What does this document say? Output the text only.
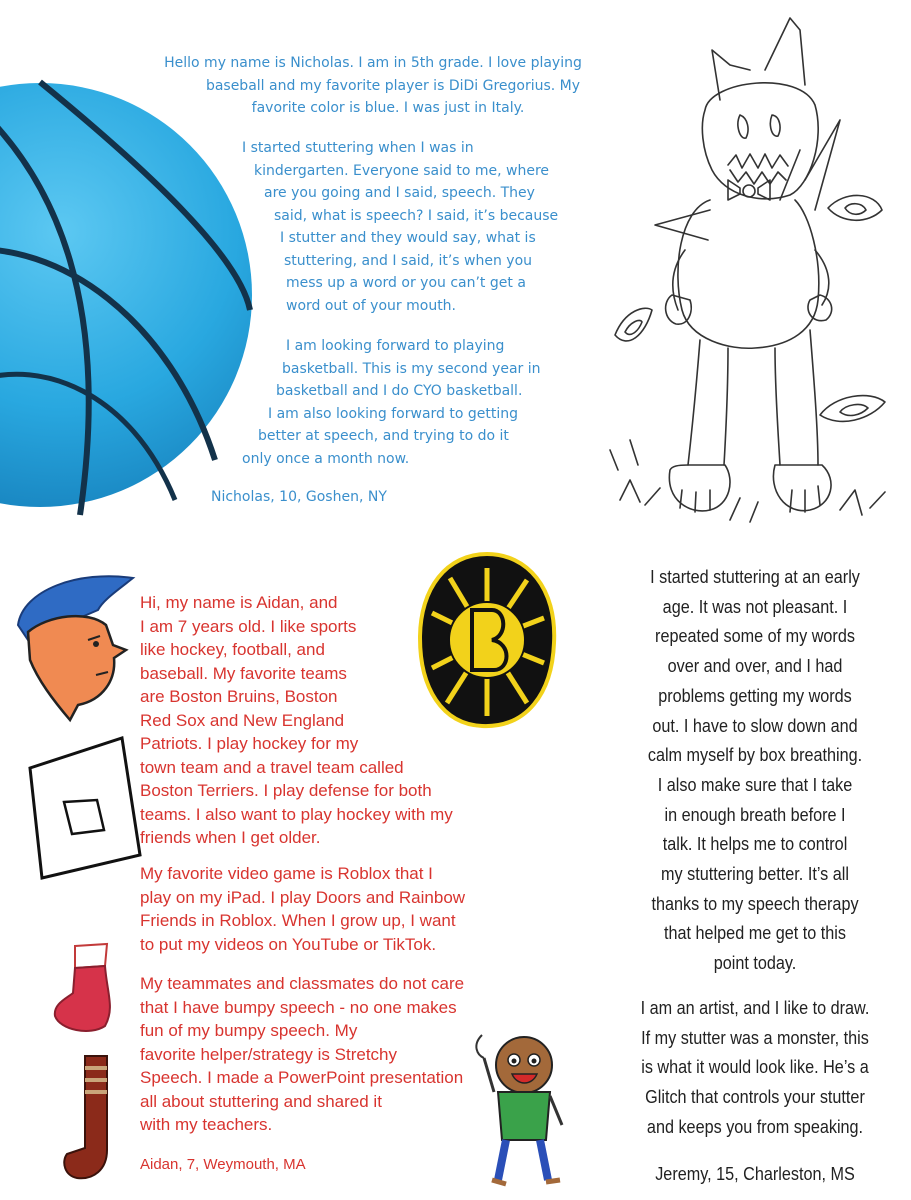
Hello my name is Nicholas. I am in 5th grade. I love playing

baseball and my favorite player is DiDi Gregorius. My

favorite color is blue. I was just in Italy.

I started stuttering when I was in

kindergarten. Everyone said to me, where

are you going and I said, speech. They

said, what is speech? I said, it’s because

I stutter and they would say, what is

stuttering, and I said, it’s when you

mess up a word or you can’t get a

word out of your mouth.

I am looking forward to playing

basketball. This is my second year in

basketball and I do CYO basketball.

I am also looking forward to getting

better at speech, and trying to do it

only once a month now.

Nicholas, 10, Goshen, NY

I started stuttering at an early

age. It was not pleasant. I

repeated some of my words

over and over, and I had

problems getting my words

out. I have to slow down and

calm myself by box breathing.

I also make sure that I take

in enough breath before I

talk. It helps me to control

my stuttering better. It’s all

thanks to my speech therapy

that helped me get to this

point today.

I am an artist, and I like to draw.

If my stutter was a monster, this

is what it would look like. He’s a

Glitch that controls your stutter

and keeps you from speaking.

Jeremy, 15, Charleston, MS

Hi, my name is Aidan, and

I am 7 years old. I like sports

like hockey, football, and

baseball. My favorite teams

are Boston Bruins, Boston

Red Sox and New England

Patriots. I play hockey for my

town team and a travel team called

Boston Terriers. I play defense for both

teams. I also want to play hockey with my

friends when I get older.

My favorite video game is Roblox that I

play on my iPad. I play Doors and Rainbow

Friends in Roblox. When I grow up, I want

to put my videos on YouTube or TikTok.

My teammates and classmates do not care

that I have bumpy speech - no one makes

fun of my bumpy speech. My

favorite helper/strategy is Stretchy

Speech. I made a PowerPoint presentation

all about stuttering and shared it

with my teachers.

Aidan, 7, Weymouth, MA
